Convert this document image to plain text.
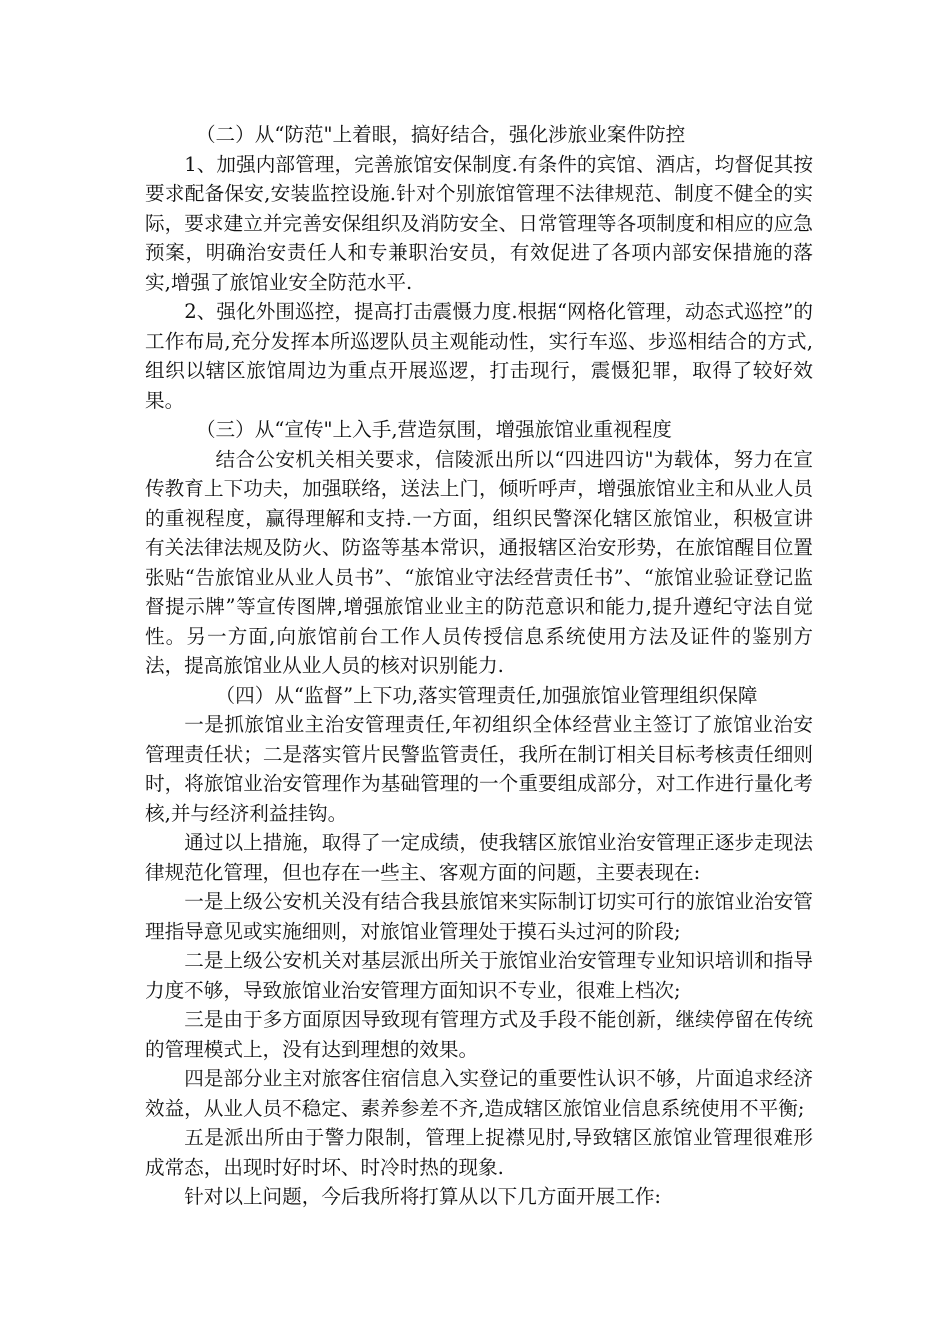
（二）从“防范"上着眼，搞好结合，强化涉旅业案件防控

1、加强内部管理，完善旅馆安保制度.有条件的宾馆、酒店，均督促其按要求配备保安,安装监控设施.针对个别旅馆管理不法律规范、制度不健全的实际，要求建立并完善安保组织及消防安全、日常管理等各项制度和相应的应急预案，明确治安责任人和专兼职治安员，有效促进了各项内部安保措施的落实,增强了旅馆业安全防范水平.

2、强化外围巡控，提高打击震慑力度.根据“网格化管理，动态式巡控”的工作布局,充分发挥本所巡逻队员主观能动性，实行车巡、步巡相结合的方式,组织以辖区旅馆周边为重点开展巡逻，打击现行，震慑犯罪，取得了较好效果。

（三）从“宣传"上入手,营造氛围，增强旅馆业重视程度

结合公安机关相关要求，信陵派出所以“四进四访"为载体，努力在宣传教育上下功夫，加强联络，送法上门，倾听呼声，增强旅馆业主和从业人员的重视程度，赢得理解和支持.一方面，组织民警深化辖区旅馆业，积极宣讲有关法律法规及防火、防盗等基本常识，通报辖区治安形势，在旅馆醒目位置张贴“告旅馆业从业人员书”、“旅馆业守法经营责任书”、“旅馆业验证登记监督提示牌”等宣传图牌,增强旅馆业业主的防范意识和能力,提升遵纪守法自觉性。另一方面,向旅馆前台工作人员传授信息系统使用方法及证件的鉴别方法，提高旅馆业从业人员的核对识别能力.

（四）从“监督”上下功,落实管理责任,加强旅馆业管理组织保障

一是抓旅馆业主治安管理责任,年初组织全体经营业主签订了旅馆业治安管理责任状；二是落实管片民警监管责任，我所在制订相关目标考核责任细则时，将旅馆业治安管理作为基础管理的一个重要组成部分，对工作进行量化考核,并与经济利益挂钩。

通过以上措施，取得了一定成绩，使我辖区旅馆业治安管理正逐步走现法律规范化管理，但也存在一些主、客观方面的问题，主要表现在:

一是上级公安机关没有结合我县旅馆来实际制订切实可行的旅馆业治安管理指导意见或实施细则，对旅馆业管理处于摸石头过河的阶段;

二是上级公安机关对基层派出所关于旅馆业治安管理专业知识培训和指导力度不够，导致旅馆业治安管理方面知识不专业，很难上档次;

三是由于多方面原因导致现有管理方式及手段不能创新，继续停留在传统的管理模式上，没有达到理想的效果。

四是部分业主对旅客住宿信息入实登记的重要性认识不够，片面追求经济效益，从业人员不稳定、素养参差不齐,造成辖区旅馆业信息系统使用不平衡;

五是派出所由于警力限制，管理上捉襟见肘,导致辖区旅馆业管理很难形成常态，出现时好时坏、时冷时热的现象.

针对以上问题，今后我所将打算从以下几方面开展工作:
